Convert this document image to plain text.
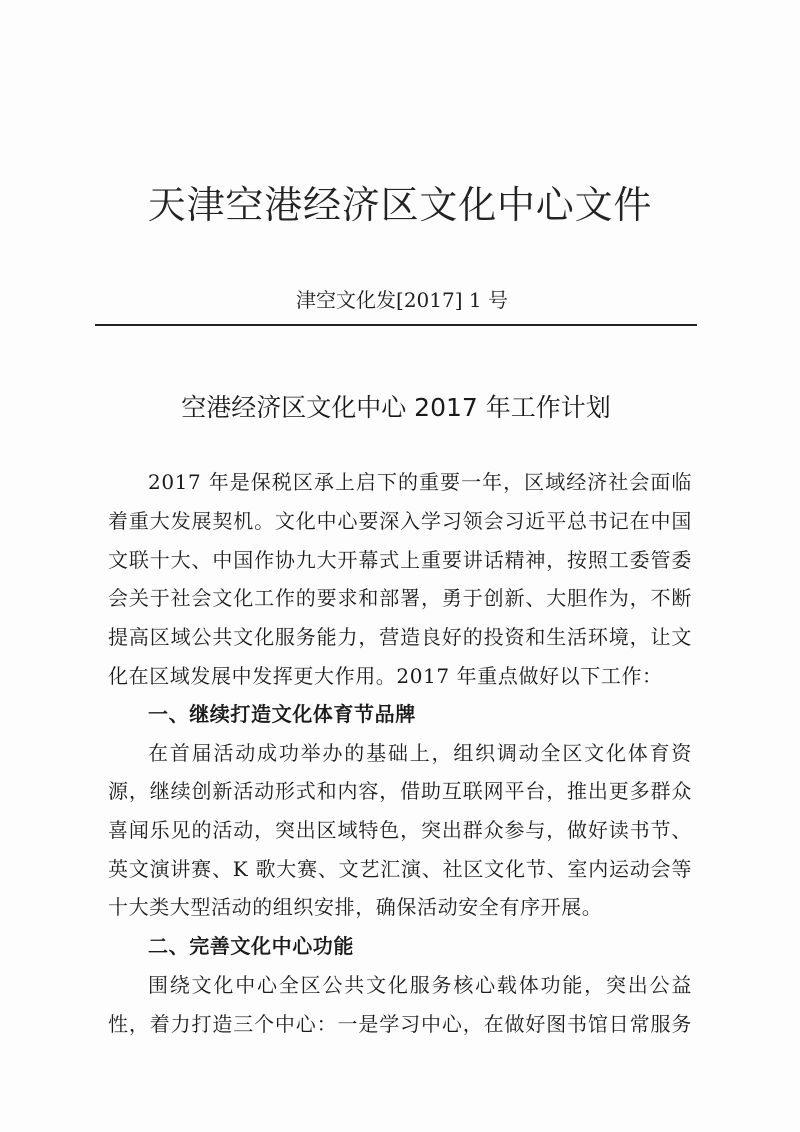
天津空港经济区文化中心文件
津空文化发[2017] 1 号
空港经济区文化中心 2017 年工作计划
2017 年是保税区承上启下的重要一年，区域经济社会面临
着重大发展契机。文化中心要深入学习领会习近平总书记在中国
文联十大、中国作协九大开幕式上重要讲话精神，按照工委管委
会关于社会文化工作的要求和部署，勇于创新、大胆作为，不断
提高区域公共文化服务能力，营造良好的投资和生活环境，让文
化在区域发展中发挥更大作用。2017 年重点做好以下工作：
一、继续打造文化体育节品牌
在首届活动成功举办的基础上，组织调动全区文化体育资
源，继续创新活动形式和内容，借助互联网平台，推出更多群众
喜闻乐见的活动，突出区域特色，突出群众参与，做好读书节、
英文演讲赛、K 歌大赛、文艺汇演、社区文化节、室内运动会等
十大类大型活动的组织安排，确保活动安全有序开展。
二、完善文化中心功能
围绕文化中心全区公共文化服务核心载体功能，突出公益
性，着力打造三个中心：一是学习中心，在做好图书馆日常服务
